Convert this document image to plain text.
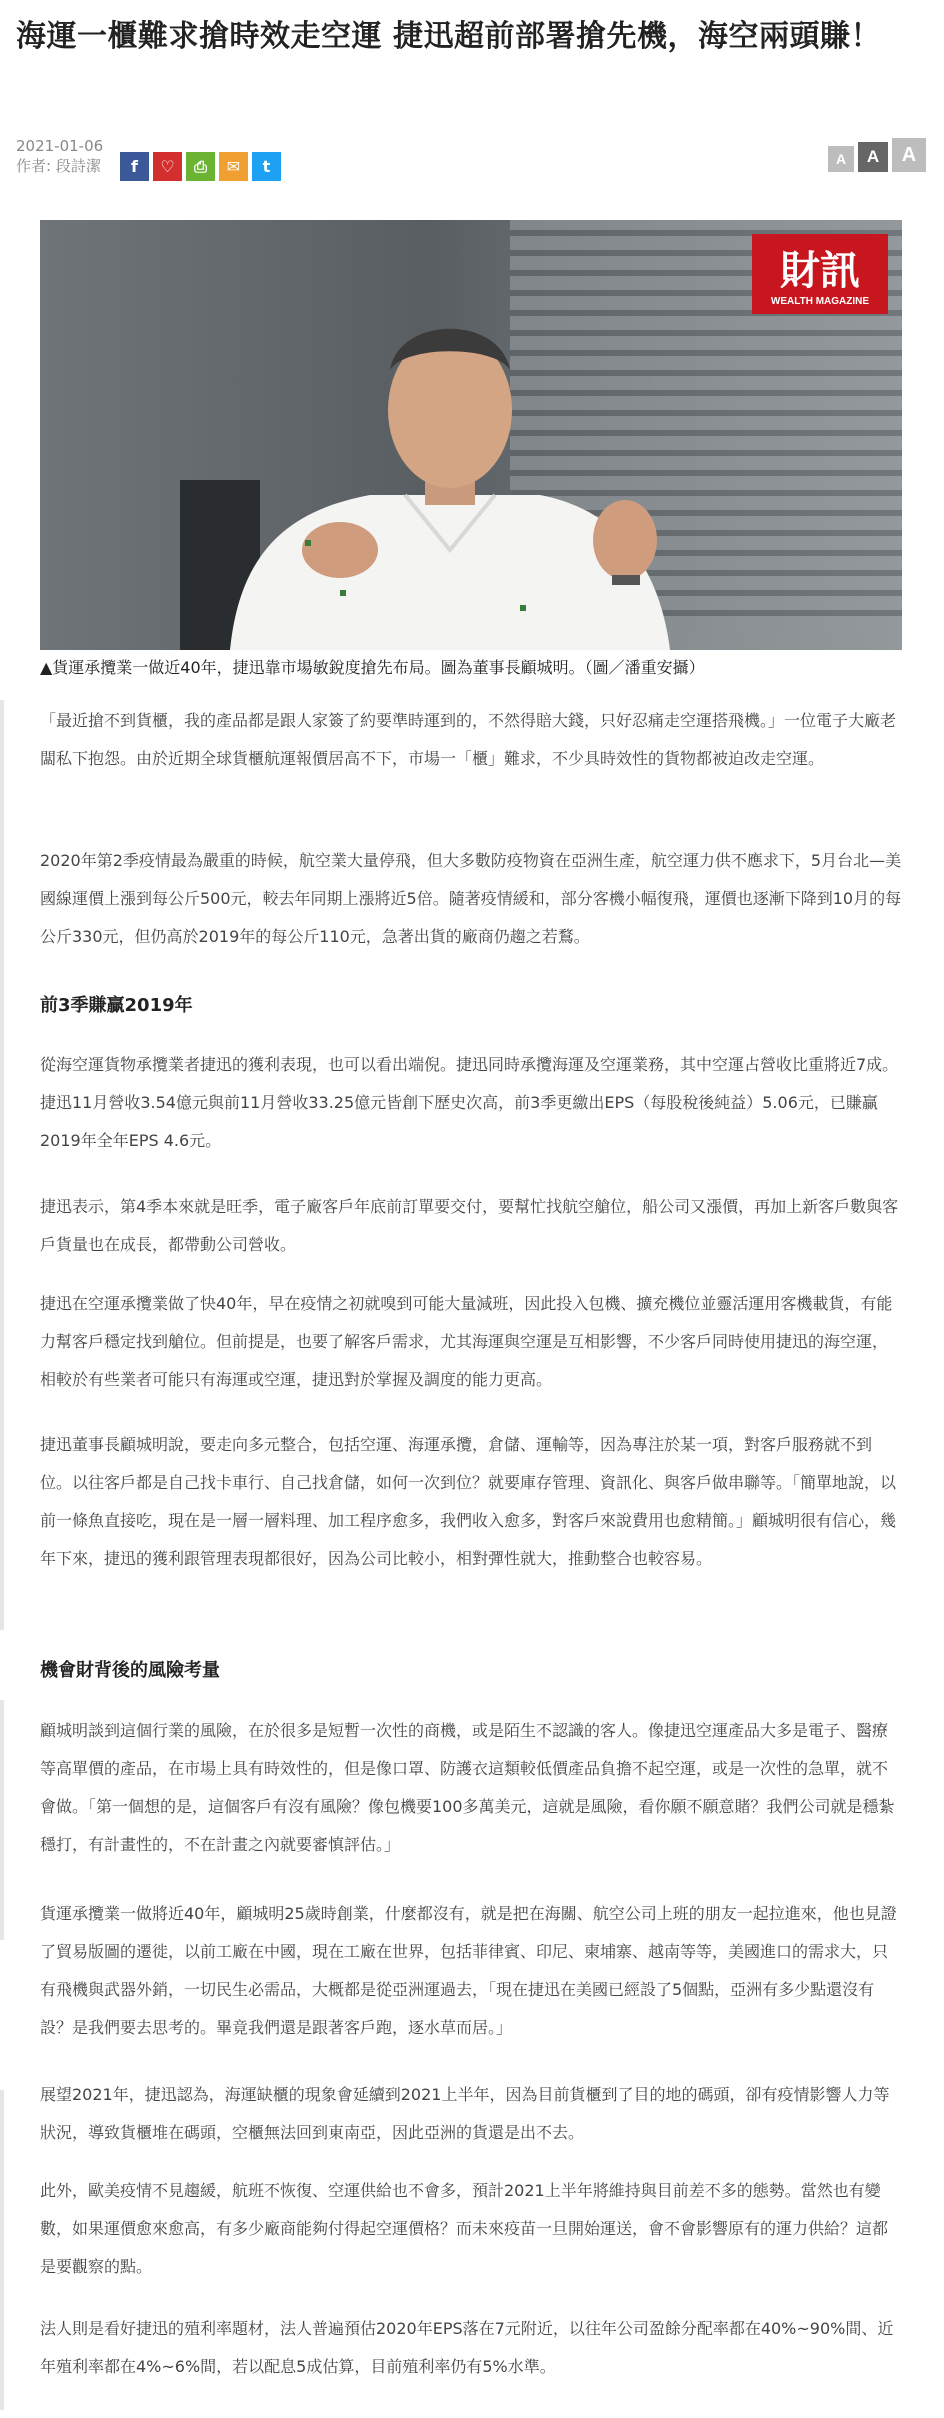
海運一櫃難求搶時效走空運 捷迅超前部署搶先機，海空兩頭賺！
2021-01-06
作者: 段詩潔 f ♡ ⎙ ✉ t	A	A	A
財訊
WEALTH MAGAZINE
▲貨運承攬業一做近40年，捷迅靠市場敏銳度搶先布局。圖為董事長顧城明。（圖／潘重安攝）
「最近搶不到貨櫃，我的產品都是跟人家簽了約要準時運到的，不然得賠大錢，只好忍痛走空運搭飛機。」一位電子大廠老闆私下抱怨。由於近期全球貨櫃航運報價居高不下，市場一「櫃」難求，不少具時效性的貨物都被迫改走空運。
2020年第2季疫情最為嚴重的時候，航空業大量停飛，但大多數防疫物資在亞洲生產，航空運力供不應求下，5月台北—美國線運價上漲到每公斤500元，較去年同期上漲將近5倍。隨著疫情緩和，部分客機小幅復飛，運價也逐漸下降到10月的每公斤330元，但仍高於2019年的每公斤110元，急著出貨的廠商仍趨之若鶩。
前3季賺贏2019年
從海空運貨物承攬業者捷迅的獲利表現，也可以看出端倪。捷迅同時承攬海運及空運業務，其中空運占營收比重將近7成。捷迅11月營收3.54億元與前11月營收33.25億元皆創下歷史次高，前3季更繳出EPS（每股稅後純益）5.06元，已賺贏2019年全年EPS 4.6元。
捷迅表示，第4季本來就是旺季，電子廠客戶年底前訂單要交付，要幫忙找航空艙位，船公司又漲價，再加上新客戶數與客戶貨量也在成長，都帶動公司營收。
捷迅在空運承攬業做了快40年，早在疫情之初就嗅到可能大量減班，因此投入包機、擴充機位並靈活運用客機載貨，有能力幫客戶穩定找到艙位。但前提是，也要了解客戶需求，尤其海運與空運是互相影響，不少客戶同時使用捷迅的海空運，相較於有些業者可能只有海運或空運，捷迅對於掌握及調度的能力更高。
捷迅董事長顧城明說，要走向多元整合，包括空運、海運承攬，倉儲、運輸等，因為專注於某一項，對客戶服務就不到位。以往客戶都是自己找卡車行、自己找倉儲，如何一次到位？就要庫存管理、資訊化、與客戶做串聯等。「簡單地說，以前一條魚直接吃，現在是一層一層料理、加工程序愈多，我們收入愈多，對客戶來說費用也愈精簡。」顧城明很有信心，幾年下來，捷迅的獲利跟管理表現都很好，因為公司比較小，相對彈性就大，推動整合也較容易。
機會財背後的風險考量
顧城明談到這個行業的風險，在於很多是短暫一次性的商機，或是陌生不認識的客人。像捷迅空運產品大多是電子、醫療等高單價的產品，在市場上具有時效性的，但是像口罩、防護衣這類較低價產品負擔不起空運，或是一次性的急單，就不會做。「第一個想的是，這個客戶有沒有風險？像包機要100多萬美元，這就是風險，看你願不願意賭？我們公司就是穩紮穩打，有計畫性的，不在計畫之內就要審慎評估。」
貨運承攬業一做將近40年，顧城明25歲時創業，什麼都沒有，就是把在海關、航空公司上班的朋友一起拉進來，他也見證了貿易版圖的遷徙，以前工廠在中國，現在工廠在世界，包括菲律賓、印尼、柬埔寨、越南等等，美國進口的需求大，只有飛機與武器外銷，一切民生必需品，大概都是從亞洲運過去，「現在捷迅在美國已經設了5個點，亞洲有多少點還沒有設？是我們要去思考的。畢竟我們還是跟著客戶跑，逐水草而居。」
展望2021年，捷迅認為，海運缺櫃的現象會延續到2021上半年，因為目前貨櫃到了目的地的碼頭，卻有疫情影響人力等狀況，導致貨櫃堆在碼頭，空櫃無法回到東南亞，因此亞洲的貨還是出不去。
此外，歐美疫情不見趨緩，航班不恢復、空運供給也不會多，預計2021上半年將維持與目前差不多的態勢。當然也有變數，如果運價愈來愈高，有多少廠商能夠付得起空運價格？而未來疫苗一旦開始運送，會不會影響原有的運力供給？這都是要觀察的點。
法人則是看好捷迅的殖利率題材，法人普遍預估2020年EPS落在7元附近，以往年公司盈餘分配率都在40%~90%間、近年殖利率都在4%~6%間，若以配息5成估算，目前殖利率仍有5%水準。
